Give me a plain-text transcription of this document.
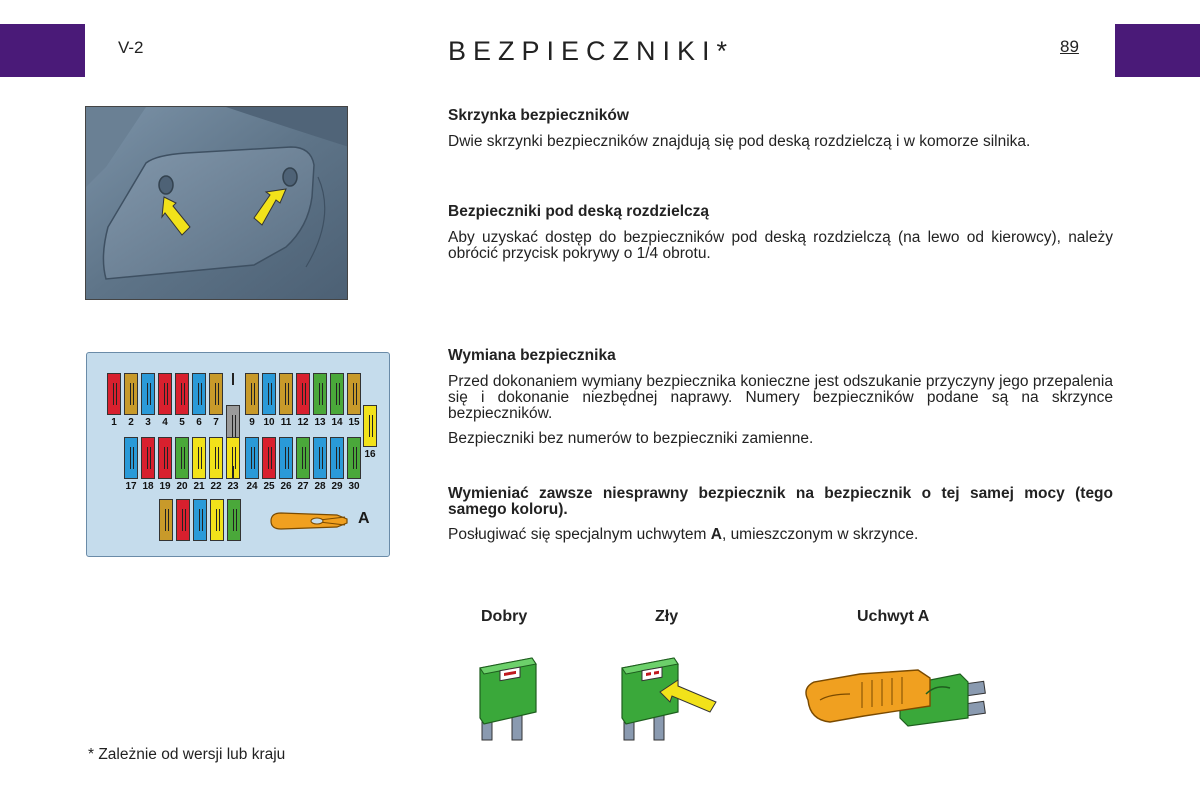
V-2	BEZPIECZNIKI*	89
1	2	3	4	5	6	7	9 10 11 12 13 14 15
16
17 18 19 20 21 22 23 24 25 26 27 28 29 30
A
Skrzynka bezpieczników
Dwie skrzynki bezpieczników znajdują się pod deską rozdzielczą i w komorze silnika.
Bezpieczniki pod deską rozdzielczą
Aby uzyskać dostęp do bezpieczników pod deską rozdzielczą (na lewo od kierowcy), należy obrócić przycisk pokrywy o 1/4 obrotu.
Wymiana bezpiecznika
Przed dokonaniem wymiany bezpiecznika konieczne jest odszukanie przyczyny jego przepalenia się i dokonanie niezbędnej naprawy. Numery bezpieczników podane są na skrzynce bezpieczników.
Bezpieczniki bez numerów to bezpieczniki zamienne.
Wymieniać zawsze niesprawny bezpiecznik na bezpiecznik o tej samej mocy (tego samego koloru).
Posługiwać się specjalnym uchwytem A, umieszczonym w skrzynce.
Dobry	Zły	Uchwyt A
* Zależnie od wersji lub kraju
